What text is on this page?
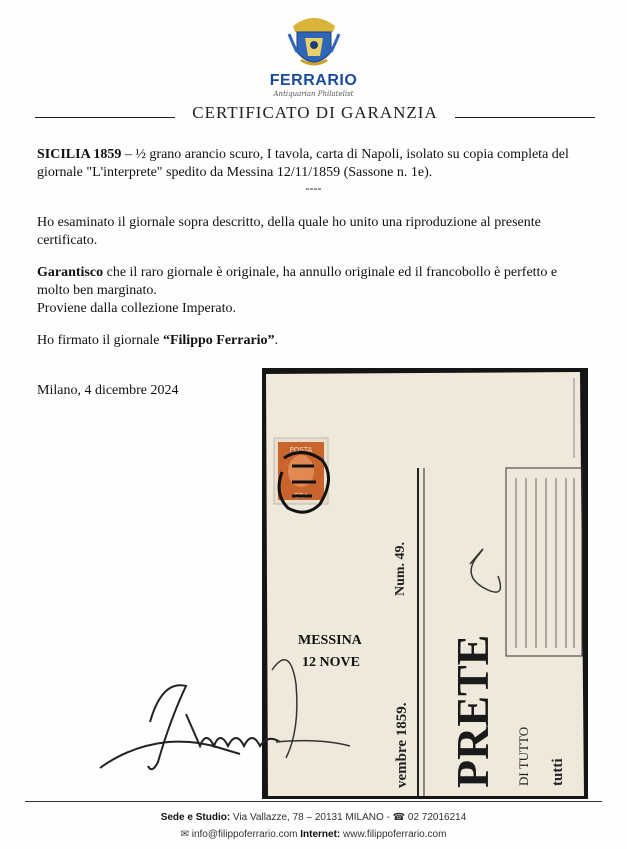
FERRARIO
Antiquarian Philatelist
CERTIFICATO DI GARANZIA
SICILIA 1859 – ½ grano arancio scuro, I tavola, carta di Napoli, isolato su copia completa del giornale "L'interprete" spedito da Messina 12/11/1859 (Sassone n. 1e).
----
Ho esaminato il giornale sopra descritto, della quale ho unito una riproduzione al presente certificato.
Garantisco che il raro giornale è originale, ha annullo originale ed il francobollo è perfetto e molto ben marginato.
Proviene dalla collezione Imperato.
Ho firmato il giornale “Filippo Ferrario”.
Milano, 4 dicembre 2024
POSTA
GRA
MESSINA
12 NOVE
Num. 49.
vembre 1859. PRETE DI TUTTO tutti
Sede e Studio: Via Vallazze, 78 – 20131 MILANO - ☎ 02 72016214
✉ info@filippoferrario.com Internet: www.filippoferrario.com
